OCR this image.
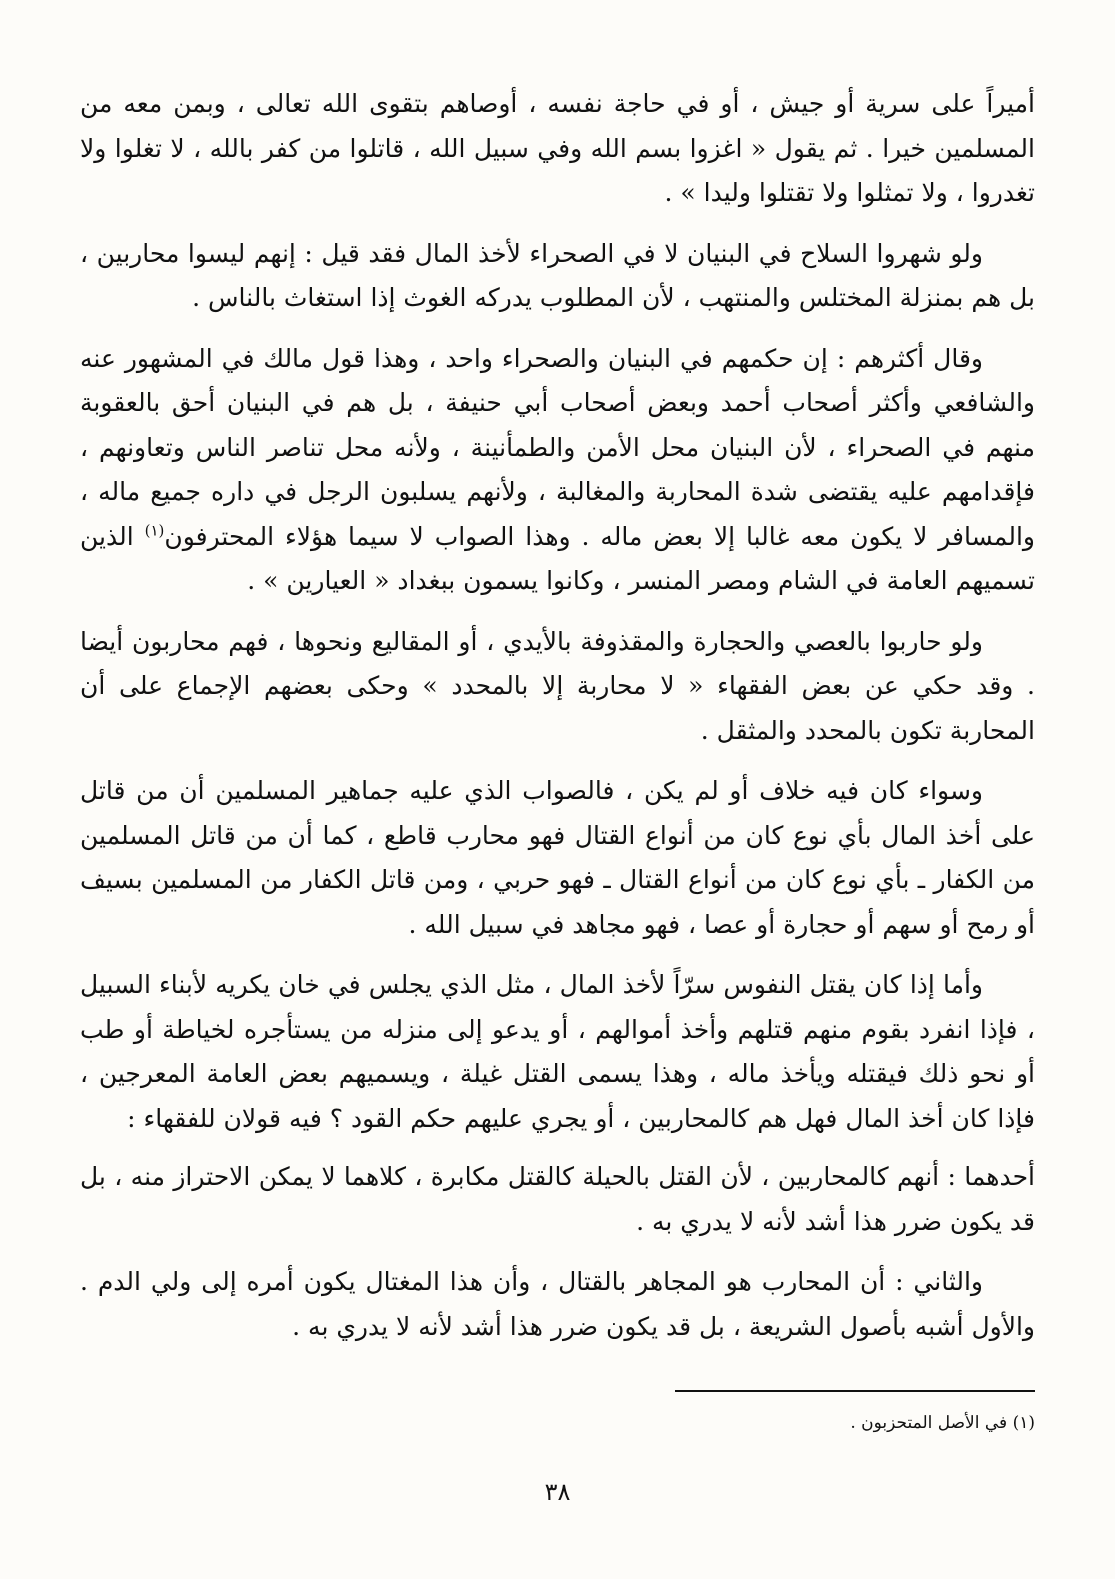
أميراً على سرية أو جيش ، أو في حاجة نفسه ، أوصاهم بتقوى الله تعالى ، وبمن معه من المسلمين خيرا . ثم يقول « اغزوا بسم الله وفي سبيل الله ، قاتلوا من كفر بالله ، لا تغلوا ولا تغدروا ، ولا تمثلوا ولا تقتلوا وليدا » .

ولو شهروا السلاح في البنيان لا في الصحراء لأخذ المال فقد قيل : إنهم ليسوا محاربين ، بل هم بمنزلة المختلس والمنتهب ، لأن المطلوب يدركه الغوث إذا استغاث بالناس .

وقال أكثرهم : إن حكمهم في البنيان والصحراء واحد ، وهذا قول مالك في المشهور عنه والشافعي وأكثر أصحاب أحمد وبعض أصحاب أبي حنيفة ، بل هم في البنيان أحق بالعقوبة منهم في الصحراء ، لأن البنيان محل الأمن والطمأنينة ، ولأنه محل تناصر الناس وتعاونهم ، فإقدامهم عليه يقتضى شدة المحاربة والمغالبة ، ولأنهم يسلبون الرجل في داره جميع ماله ، والمسافر لا يكون معه غالبا إلا بعض ماله . وهذا الصواب لا سيما هؤلاء المحترفون$^{(١)}$ الذين تسميهم العامة في الشام ومصر المنسر ، وكانوا يسمون ببغداد « العيارين » .

ولو حاربوا بالعصي والحجارة والمقذوفة بالأيدي ، أو المقاليع ونحوها ، فهم محاربون أيضا . وقد حكي عن بعض الفقهاء « لا محاربة إلا بالمحدد » وحكى بعضهم الإجماع على أن المحاربة تكون بالمحدد والمثقل .

وسواء كان فيه خلاف أو لم يكن ، فالصواب الذي عليه جماهير المسلمين أن من قاتل على أخذ المال بأي نوع كان من أنواع القتال فهو محارب قاطع ، كما أن من قاتل المسلمين من الكفار ـ بأي نوع كان من أنواع القتال ـ فهو حربي ، ومن قاتل الكفار من المسلمين بسيف أو رمح أو سهم أو حجارة أو عصا ، فهو مجاهد في سبيل الله .

وأما إذا كان يقتل النفوس سرّاً لأخذ المال ، مثل الذي يجلس في خان يكريه لأبناء السبيل ، فإذا انفرد بقوم منهم قتلهم وأخذ أموالهم ، أو يدعو إلى منزله من يستأجره لخياطة أو طب أو نحو ذلك فيقتله ويأخذ ماله ، وهذا يسمى القتل غيلة ، ويسميهم بعض العامة المعرجين ، فإذا كان أخذ المال فهل هم كالمحاربين ، أو يجري عليهم حكم القود ؟ فيه قولان للفقهاء :

أحدهما : أنهم كالمحاربين ، لأن القتل بالحيلة كالقتل مكابرة ، كلاهما لا يمكن الاحتراز منه ، بل قد يكون ضرر هذا أشد لأنه لا يدري به .

والثاني : أن المحارب هو المجاهر بالقتال ، وأن هذا المغتال يكون أمره إلى ولي الدم . والأول أشبه بأصول الشريعة ، بل قد يكون ضرر هذا أشد لأنه لا يدري به .

(١) في الأصل المتحزبون .
٣٨
